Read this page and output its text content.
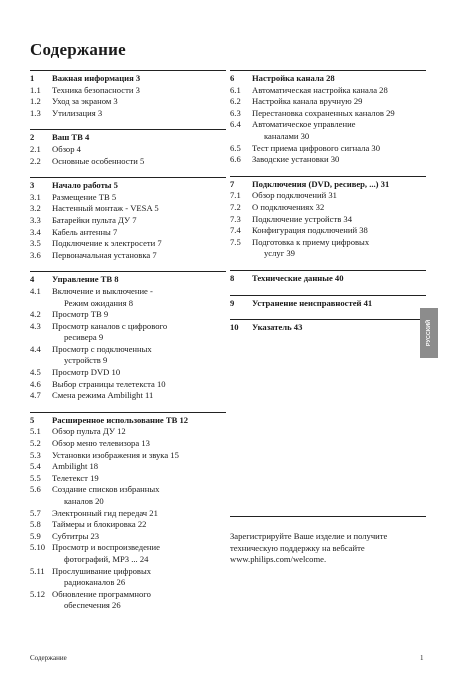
Содержание
1	Важная информация 3
1.1	Техника безопасности 3
1.2	Уход за экраном 3
1.3	Утилизация 3
2	Ваш ТВ 4
2.1	Обзор 4
2.2	Основные особенности 5
3	Начало работы 5
3.1	Размещение ТВ 5
3.2	Настенный монтаж - VESA 5
3.3	Батарейки пульта ДУ 7
3.4	Кабель антенны 7
3.5	Подключение к электросети 7
3.6	Первоначальная установка 7
4	Управление ТВ 8
4.1	Включение и выключение -
Режим ожидания 8
4.2	Просмотр ТВ 9
4.3	Просмотр каналов с цифрового
ресивера 9
4.4	Просмотр с подключенных
устройств 9
4.5	Просмотр DVD 10
4.6	Выбор страницы телетекста 10
4.7	Смена режима Ambilight 11
5	Расширенное использование ТВ 12
5.1	Обзор пульта ДУ 12
5.2	Обзор меню телевизора 13
5.3	Установки изображения и звука 15
5.4	Ambilight 18
5.5	Телетекст 19
5.6	Создание списков избранных
каналов 20
5.7	Электронный гид передач 21
5.8	Таймеры и блокировка 22
5.9	Субтитры 23
5.10 Просмотр и воспроизведение
фотографий, MP3 ... 24
5.11 Прослушивание цифровых
радиоканалов 26
5.12 Обновление программного
обеспечения 26
6	Настройка канала 28
6.1	Автоматическая настройка канала 28
6.2	Настройка канала вручную 29
6.3	Перестановка сохраненных каналов 29
6.4	Автоматическое управление
каналами 30
6.5	Тест приема цифрового сигнала 30
6.6	Заводские установки 30
7	Подключения (DVD, ресивер, ...) 31
7.1	Обзор подключений 31
7.2	О подключениях 32
7.3	Подключение устройств 34
7.4	Конфигурация подключений 38
7.5	Подготовка к приему цифровых
услуг 39
8	Технические данные 40
9	Устранение неисправностей 41
10	Указатель 43	РУССКИЙ
Зарегистрируйте Ваше изделие и получите
техническую поддержку на вебсайте
www.philips.com/welcome.
Содержание	1
